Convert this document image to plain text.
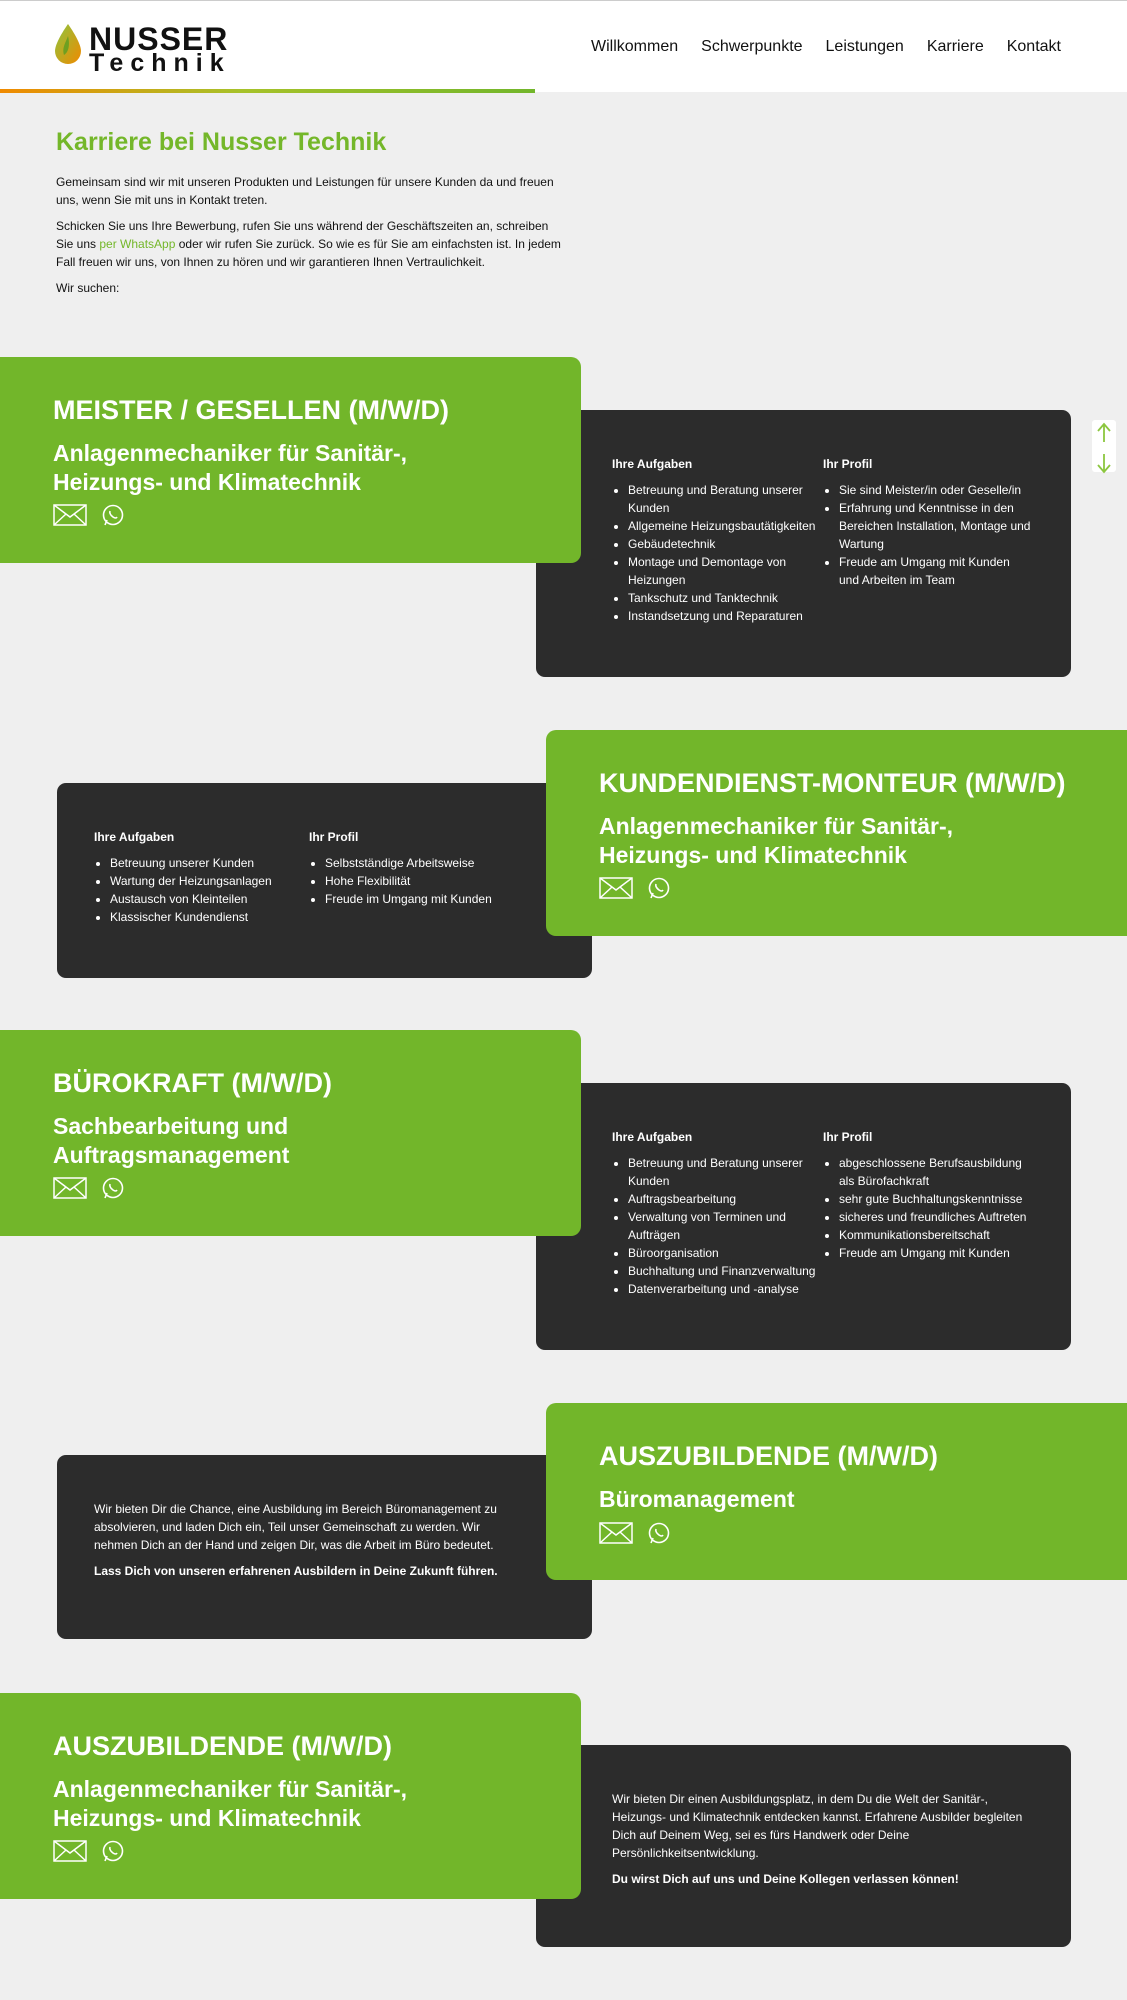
NUSSER
Technik
Willkommen Schwerpunkte Leistungen Karriere Kontakt
Karriere bei Nusser Technik

Gemeinsam sind wir mit unseren Produkten und Leistungen für unsere Kunden da und freuen uns, wenn Sie mit uns in Kontakt treten.

Schicken Sie uns Ihre Bewerbung, rufen Sie uns während der Geschäftszeiten an, schreiben Sie uns per WhatsApp oder wir rufen Sie zurück. So wie es für Sie am einfachsten ist. In jedem Fall freuen wir uns, von Ihnen zu hören und wir garantieren Ihnen Vertraulichkeit.

Wir suchen:

Ihre Aufgaben
• Betreuung und Beratung unserer Kunden
• Allgemeine Heizungsbautätigkeiten
• Gebäudetechnik
• Montage und Demontage von Heizungen
• Tankschutz und Tanktechnik
• Instandsetzung und Reparaturen
Ihr Profil
• Sie sind Meister/in oder Geselle/in
• Erfahrung und Kenntnisse in den Bereichen Installation, Montage und Wartung
• Freude am Umgang mit Kunden und Arbeiten im Team
MEISTER / GESELLEN (M/W/D)
Anlagenmechaniker für Sanitär-, Heizungs- und Klimatechnik
Ihre Aufgaben
• Betreuung unserer Kunden
• Wartung der Heizungsanlagen
• Austausch von Kleinteilen
• Klassischer Kundendienst
Ihr Profil
• Selbstständige Arbeitsweise
• Hohe Flexibilität
• Freude im Umgang mit Kunden
KUNDENDIENST-MONTEUR (M/W/D)
Anlagenmechaniker für Sanitär-, Heizungs- und Klimatechnik
Ihre Aufgaben
• Betreuung und Beratung unserer Kunden
• Auftragsbearbeitung
• Verwaltung von Terminen und Aufträgen
• Büroorganisation
• Buchhaltung und Finanzverwaltung
• Datenverarbeitung und -analyse
Ihr Profil
• abgeschlossene Berufsausbildung als Bürofachkraft
• sehr gute Buchhaltungskenntnisse
• sicheres und freundliches Auftreten
• Kommunikationsbereitschaft
• Freude am Umgang mit Kunden
BÜROKRAFT (M/W/D)
Sachbearbeitung und Auftragsmanagement

Wir bieten Dir die Chance, eine Ausbildung im Bereich Büromanagement zu absolvieren, und laden Dich ein, Teil unser Gemeinschaft zu werden. Wir nehmen Dich an der Hand und zeigen Dir, was die Arbeit im Büro bedeutet.

Lass Dich von unseren erfahrenen Ausbildern in Deine Zukunft führen.

AUSZUBILDENDE (M/W/D)
Büromanagement

Wir bieten Dir einen Ausbildungsplatz, in dem Du die Welt der Sanitär-, Heizungs- und Klimatechnik entdecken kannst. Erfahrene Ausbilder begleiten Dich auf Deinem Weg, sei es fürs Handwerk oder Deine Persönlichkeitsentwicklung.

Du wirst Dich auf uns und Deine Kollegen verlassen können!

AUSZUBILDENDE (M/W/D)
Anlagenmechaniker für Sanitär-, Heizungs- und Klimatechnik
